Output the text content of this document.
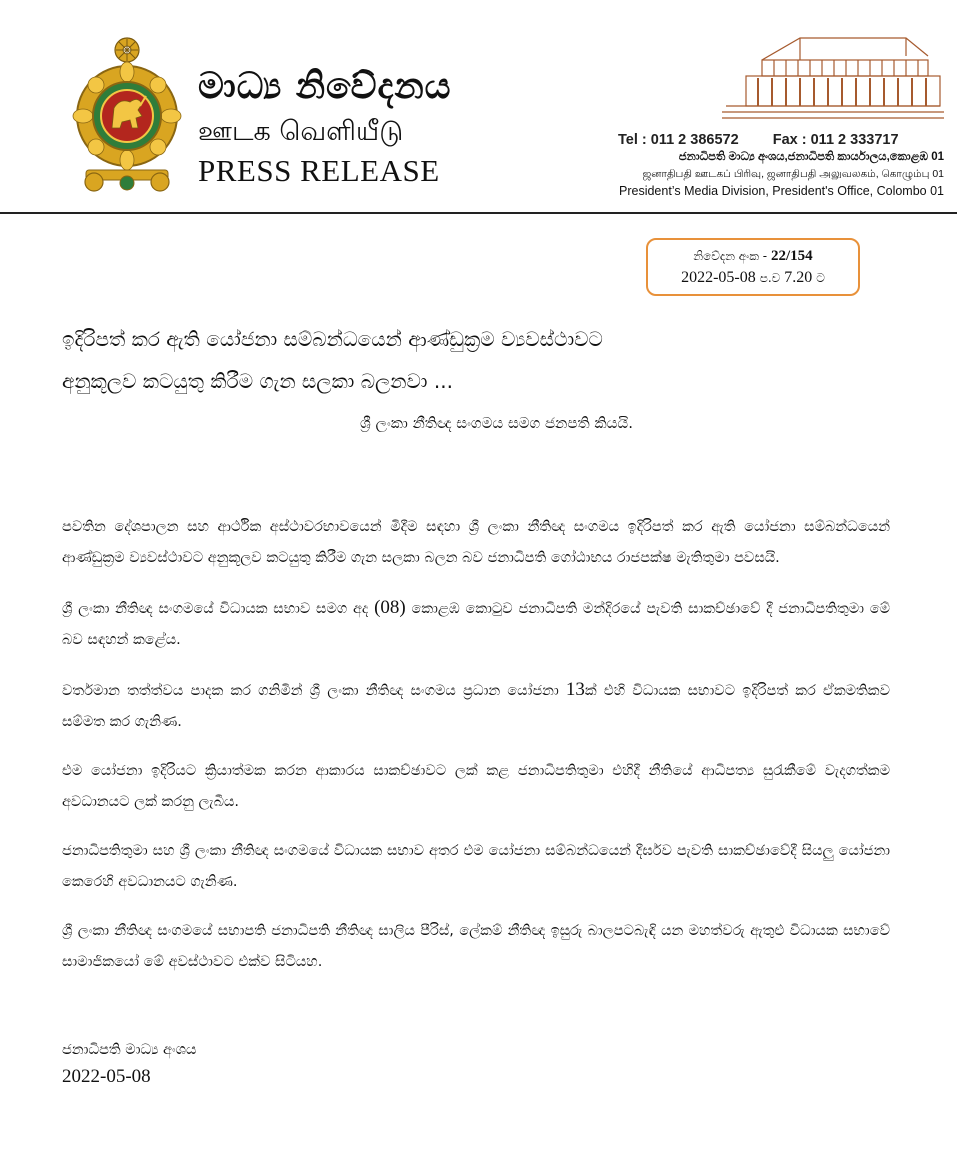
මාධ්‍ය නිවේදනය
ஊடக வெளியீடு
PRESS RELEASE
Tel : 011 2 386572 Fax : 011 2 333717
ජනාධිපති මාධ්‍ය අංශය,ජනාධිපති කාර්යාලය,කොළඹ 01
ஜனாதிபதி ஊடகப் பிரிவு, ஜனாதிபதி அலுவலகம், கொழும்பு 01
President’s Media Division, President's Office, Colombo 01
නිවේදන අංක - 22/154
2022-05-08 ප.ව 7.20 ට
ඉදිරිපත් කර ඇති යෝජනා සම්බන්ධයෙන් ආණ්ඩුක්‍රම ව්‍යවස්ථාවට
අනුකූලව කටයුතු කිරීම ගැන සලකා බලනවා ...
ශ්‍රී ලංකා නීතිඥ සංගමය සමග ජනපති කියයි.

පවතින දේශපාලන සහ ආර්ථික අස්ථාවරභාවයෙන් මිදීම සඳහා ශ්‍රී ලංකා නීතිඥ සංගමය ඉදිරිපත් කර ඇති යෝජනා සම්බන්ධයෙන් ආණ්ඩුක්‍රම ව්‍යවස්ථාවට අනුකූලව කටයුතු කිරීම ගැන සලකා බලන බව ජනාධිපති ගෝඨාභය රාජපක්ෂ මැතිතුමා පවසයි.

ශ්‍රී ලංකා නීතිඥ සංගමයේ විධායක සභාව සමග අද (08) කොළඹ කොටුව ජනාධිපති මන්දිරයේ පැවති සාකච්ඡාවේ දී ජනාධිපතිතුමා මේ බව සඳහන් කළේය.

වර්තමාන තත්ත්වය පාදක කර ගනිමින් ශ්‍රී ලංකා නීතිඥ සංගමය ප්‍රධාන යෝජනා 13ක් එහි විධායක සභාවට ඉදිරිපත් කර ඒකමතිකව සම්මත කර ගැනිණ.

එම යෝජනා ඉදිරියට ක්‍රියාත්මක කරන ආකාරය සාකච්ඡාවට ලක් කළ ජනාධිපතිතුමා එහිදී නීතියේ ආධිපත්‍ය සුරැකීමේ වැදගත්කම අවධානයට ලක් කරනු ලැබීය.

ජනාධිපතිතුමා සහ ශ්‍රී ලංකා නීතිඥ සංගමයේ විධායක සභාව අතර එම යෝජනා සම්බන්ධයෙන් දීර්ඝව පැවති සාකච්ඡාවේදී සියලු යෝජනා කෙරෙහි අවධානයට ගැනිණ.

ශ්‍රී ලංකා නීතිඥ සංගමයේ සභාපති ජනාධිපති නීතිඥ සාලිය පීරිස්, ලේකම් නීතිඥ ඉසුරු බාලපටබැඳි යන මහත්වරු ඇතුළු විධායක සභාවේ සාමාජිකයෝ මේ අවස්ථාවට එක්ව සිටියහ.

ජනාධිපති මාධ්‍ය අංශය
2022-05-08
